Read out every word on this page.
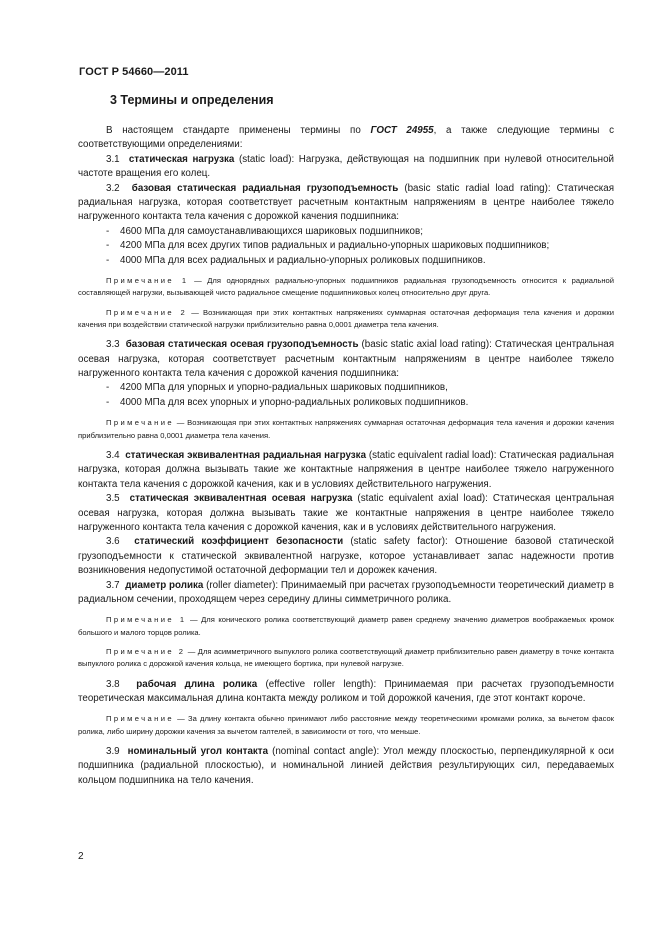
ГОСТ Р 54660—2011
3 Термины и определения

В настоящем стандарте применены термины по ГОСТ 24955, а также следующие термины с соответствующими определениями:

3.1 статическая нагрузка (static load): Нагрузка, действующая на подшипник при нулевой относительной частоте вращения его колец.

3.2 базовая статическая радиальная грузоподъемность (basic static radial load rating): Статическая радиальная нагрузка, которая соответствует расчетным контактным напряжениям в центре наиболее тяжело нагруженного контакта тела качения с дорожкой качения подшипника:

- 4600 МПа для самоустанавливающихся шариковых подшипников;
- 4200 МПа для всех других типов радиальных и радиально-упорных шариковых подшипников;
- 4000 МПа для всех радиальных и радиально-упорных роликовых подшипников.

Примечание 1 — Для однорядных радиально-упорных подшипников радиальная грузоподъемность относится к радиальной составляющей нагрузки, вызывающей чисто радиальное смещение подшипниковых колец относительно друг друга.

Примечание 2 — Возникающая при этих контактных напряжениях суммарная остаточная деформация тела качения и дорожки качения при воздействии статической нагрузки приблизительно равна 0,0001 диаметра тела качения.

3.3 базовая статическая осевая грузоподъемность (basic static axial load rating): Статическая центральная осевая нагрузка, которая соответствует расчетным контактным напряжениям в центре наиболее тяжело нагруженного контакта тела качения с дорожкой качения подшипника:

- 4200 МПа для упорных и упорно-радиальных шариковых подшипников,
- 4000 МПа для всех упорных и упорно-радиальных роликовых подшипников.

Примечание — Возникающая при этих контактных напряжениях суммарная остаточная деформация тела качения и дорожки качения приблизительно равна 0,0001 диаметра тела качения.

3.4 статическая эквивалентная радиальная нагрузка (static equivalent radial load): Статическая радиальная нагрузка, которая должна вызывать такие же контактные напряжения в центре наиболее тяжело нагруженного контакта тела качения с дорожкой качения, как и в условиях действительного нагружения.

3.5 статическая эквивалентная осевая нагрузка (static equivalent axial load): Статическая центральная осевая нагрузка, которая должна вызывать такие же контактные напряжения в центре наиболее тяжело нагруженного контакта тела качения с дорожкой качения, как и в условиях действительного нагружения.

3.6 статический коэффициент безопасности (static safety factor): Отношение базовой статической грузоподъемности к статической эквивалентной нагрузке, которое устанавливает запас надежности против возникновения недопустимой остаточной деформации тел и дорожек качения.

3.7 диаметр ролика (roller diameter): Принимаемый при расчетах грузоподъемности теоретический диаметр в радиальном сечении, проходящем через середину длины симметричного ролика.

Примечание 1 — Для конического ролика соответствующий диаметр равен среднему значению диаметров воображаемых кромок большого и малого торцов ролика.

Примечание 2 — Для асимметричного выпуклого ролика соответствующий диаметр приблизительно равен диаметру в точке контакта выпуклого ролика с дорожкой качения кольца, не имеющего бортика, при нулевой нагрузке.

3.8 рабочая длина ролика (effective roller length): Принимаемая при расчетах грузоподъемности теоретическая максимальная длина контакта между роликом и той дорожкой качения, где этот контакт короче.

Примечание — За длину контакта обычно принимают либо расстояние между теоретическими кромками ролика, за вычетом фасок ролика, либо ширину дорожки качения за вычетом галтелей, в зависимости от того, что меньше.

3.9 номинальный угол контакта (nominal contact angle): Угол между плоскостью, перпендикулярной к оси подшипника (радиальной плоскостью), и номинальной линией действия результирующих сил, передаваемых кольцом подшипника на тело качения.

2
